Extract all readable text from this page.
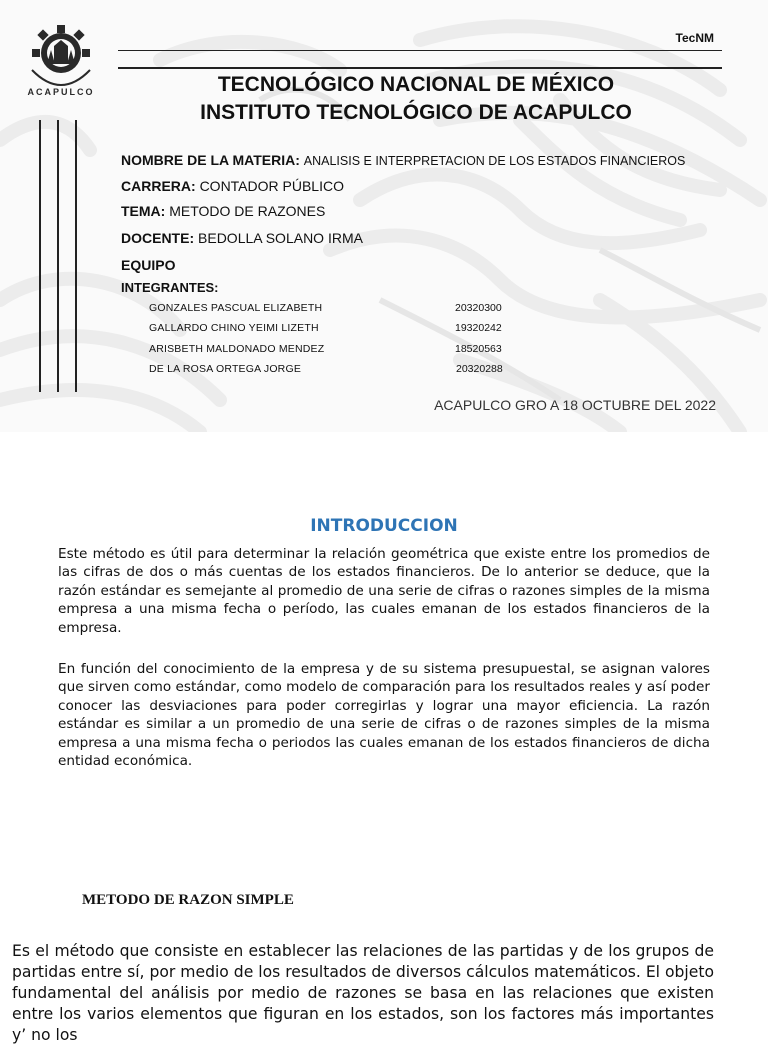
ACAPULCO
TecNM
TECNOLÓGICO NACIONAL DE MÉXICO
INSTITUTO TECNOLÓGICO DE ACAPULCO
NOMBRE DE LA MATERIA: ANALISIS E INTERPRETACION DE LOS ESTADOS FINANCIEROS
CARRERA: CONTADOR PÚBLICO
TEMA: METODO DE RAZONES
DOCENTE: BEDOLLA SOLANO IRMA
EQUIPO
INTEGRANTES:
GONZALES PASCUAL ELIZABETH	20320300
GALLARDO CHINO YEIMI LIZETH	19320242
ARISBETH MALDONADO MENDEZ	18520563
DE LA ROSA ORTEGA JORGE	20320288
ACAPULCO GRO A 18 OCTUBRE DEL 2022
INTRODUCCION

Este método es útil para determinar la relación geométrica que existe entre los promedios de las cifras de dos o más cuentas de los estados financieros. De lo anterior se deduce, que la razón estándar es semejante al promedio de una serie de cifras o razones simples de la misma empresa a una misma fecha o período, las cuales emanan de los estados financieros de la empresa.

En función del conocimiento de la empresa y de su sistema presupuestal, se asignan valores que sirven como estándar, como modelo de comparación para los resultados reales y así poder conocer las desviaciones para poder corregirlas y lograr una mayor eficiencia. La razón estándar es similar a un promedio de una serie de cifras o de razones simples de la misma empresa a una misma fecha o periodos las cuales emanan de los estados financieros de dicha entidad económica.

METODO DE RAZON SIMPLE

Es el método que consiste en establecer las relaciones de las partidas y de los grupos de partidas entre sí, por medio de los resultados de diversos cálculos matemáticos. El objeto fundamental del análisis por medio de razones se basa en las relaciones que existen entre los varios elementos que figuran en los estados, son los factores más importantes y’ no los
